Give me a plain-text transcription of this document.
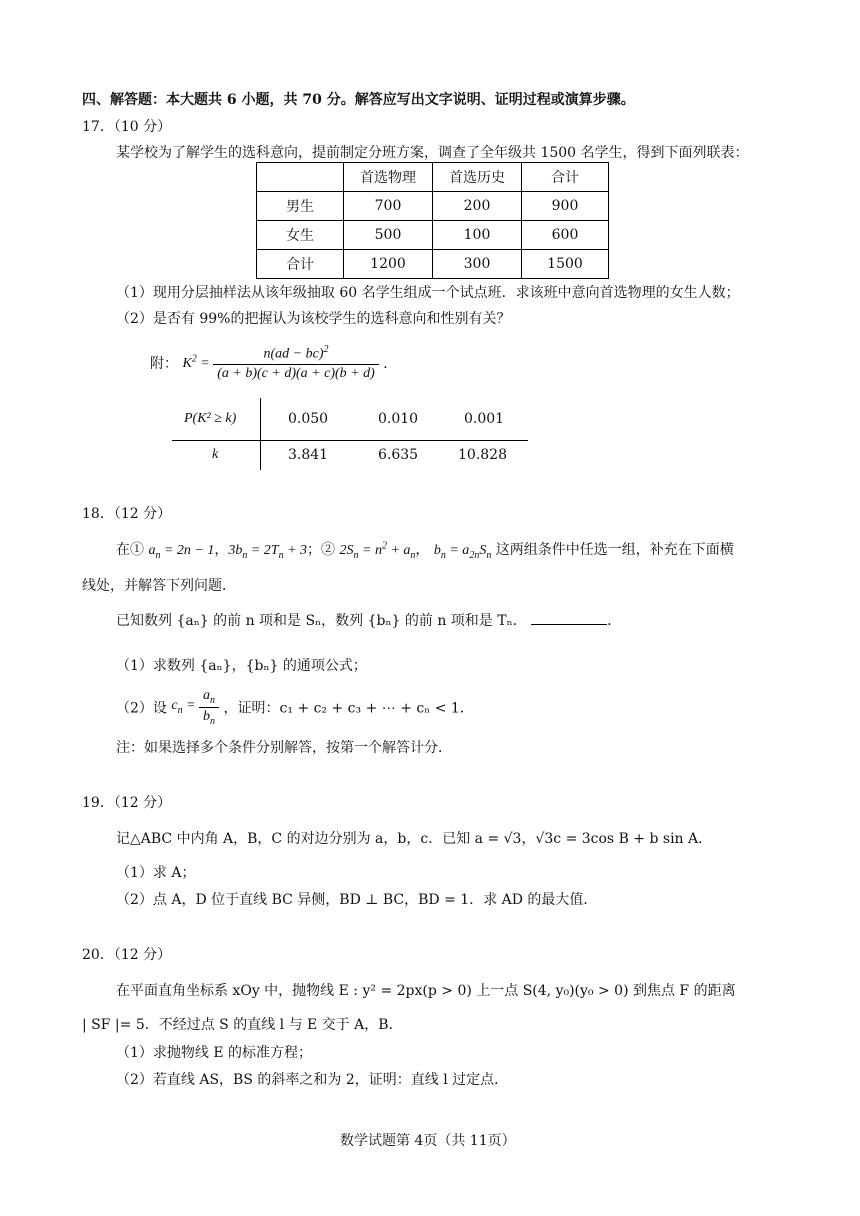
四、解答题：本大题共 6 小题，共 70 分。解答应写出文字说明、证明过程或演算步骤。
17．（10 分）
某学校为了解学生的选科意向，提前制定分班方案，调查了全年级共 1500 名学生，得到下面列联表：
	首选物理	首选历史	合计
男生	700	200	900
女生	500	100	600
合计	1200	300	1500
（1）现用分层抽样法从该年级抽取 60 名学生组成一个试点班．求该班中意向首选物理的女生人数；
（2）是否有 99%的把握认为该校学生的选科意向和性别有关？
附： $K^2 = \frac{n(ad - bc)^2}{(a + b)(c + d)(a + c)(b + d)}$ ．
P(K² ≥ k)	0.050	0.010	0.001
k	3.841	6.635	10.828
18．（12 分）
在① $a_n = 2n - 1$，$3b_n = 2T_n + 3$；② $2S_n = n^2 + a_n$， $b_n = a_{2n}S_n$ 这两组条件中任选一组，补充在下面横
线处，并解答下列问题．
已知数列 {aₙ} 的前 n 项和是 Sₙ，数列 {bₙ} 的前 n 项和是 Tₙ．	．
（1）求数列 {aₙ}，{bₙ} 的通项公式；
（2）设 $c_n = \frac{a_n}{b_n}$ ，证明：c₁ + c₂ + c₃ + ⋯ + cₙ < 1．
注：如果选择多个条件分别解答，按第一个解答计分．
19．（12 分）
记△ABC 中内角 A，B，C 的对边分别为 a，b，c．已知 a = √3，√3c = 3cos B + b sin A．
（1）求 A；
（2）点 A，D 位于直线 BC 异侧，BD ⊥ BC，BD = 1．求 AD 的最大值．
20．（12 分）
在平面直角坐标系 xOy 中，抛物线 E : y² = 2px(p > 0) 上一点 S(4, y₀)(y₀ > 0) 到焦点 F 的距离
| SF |= 5．不经过点 S 的直线 l 与 E 交于 A，B．
（1）求抛物线 E 的标准方程；
（2）若直线 AS，BS 的斜率之和为 2，证明：直线 l 过定点．
数学试题第 4页（共 11页）
